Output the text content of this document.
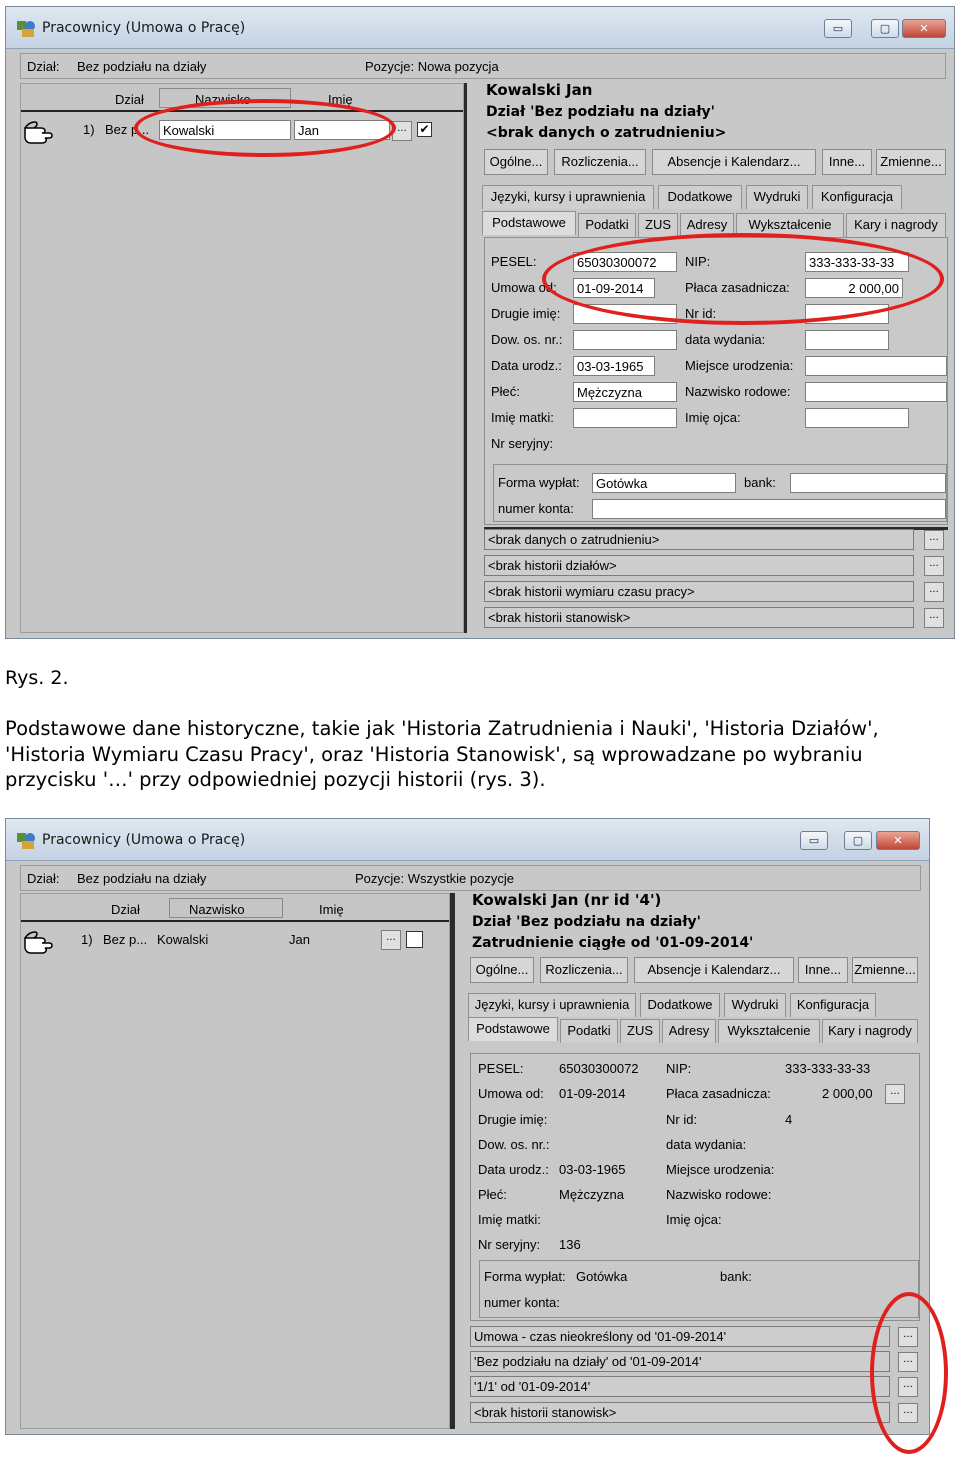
Pracownicy (Umowa o Pracę)	▭	▢	✕
Dział: Bez podziału na działy	Pozycje: Nowa pozycja
Dział	Nazwisko	Imię
1) Bez p...	Kowalski	Jan	...	✔
Kowalski Jan
Dział 'Bez podziału na działy'
<brak danych o zatrudnieniu>
Ogólne...	Rozliczenia...	Absencje i Kalendarz...	Inne...	Zmienne...
Języki, kursy i uprawnienia	Dodatkowe	Wydruki	Konfiguracja
Podstawowe	Podatki	ZUS	Adresy	Wykształcenie	Kary i nagrody
PESEL:	65030300072	NIP:	333-333-33-33
Umowa od:	01-09-2014	Płaca zasadnicza:	2 000,00
Drugie imię:	Nr id:
Dow. os. nr.:	data wydania:
Data urodz.:	03-03-1965	Miejsce urodzenia:
Płeć:	Mężczyzna	Nazwisko rodowe:
Imię matki:	Imię ojca:
Nr seryjny:
Forma wypłat:	Gotówka	bank:
numer konta:
<brak danych o zatrudnieniu>	...
<brak historii działów>	...
<brak historii wymiaru czasu pracy>	...
<brak historii stanowisk>	...
Rys. 2.
Podstawowe dane historyczne, takie jak 'Historia Zatrudnienia i Nauki', 'Historia Działów', 'Historia Wymiaru Czasu Pracy', oraz 'Historia Stanowisk', są wprowadzane po wybraniu przycisku '…' przy odpowiedniej pozycji historii (rys. 3).
Pracownicy (Umowa o Pracę)	▭	▢	✕
Dział: Bez podziału na działy	Pozycje: Wszystkie pozycje
Dział	Nazwisko	Imię
1) Bez p... Kowalski	Jan	...
Kowalski Jan (nr id '4')
Dział 'Bez podziału na działy'
Zatrudnienie ciągłe od '01-09-2014'
Ogólne...	Rozliczenia...	Absencje i Kalendarz...	Inne...	Zmienne...
Języki, kursy i uprawnienia	Dodatkowe	Wydruki	Konfiguracja
Podstawowe	Podatki	ZUS	Adresy	Wykształcenie	Kary i nagrody
PESEL:	65030300072 NIP:	333-333-33-33
Umowa od: 01-09-2014	Płaca zasadnicza:	2 000,00	...
Drugie imię:	Nr id:	4
Dow. os. nr.:	data wydania:
Data urodz.: 03-03-1965	Miejsce urodzenia:
Płeć:	Mężczyzna	Nazwisko rodowe:
Imię matki:	Imię ojca:
Nr seryjny: 136
Forma wypłat: Gotówka	bank:
numer konta:
Umowa - czas nieokreślony od '01-09-2014'	...
'Bez podziału na działy' od '01-09-2014'	...
'1/1' od '01-09-2014'	...
<brak historii stanowisk>	...
